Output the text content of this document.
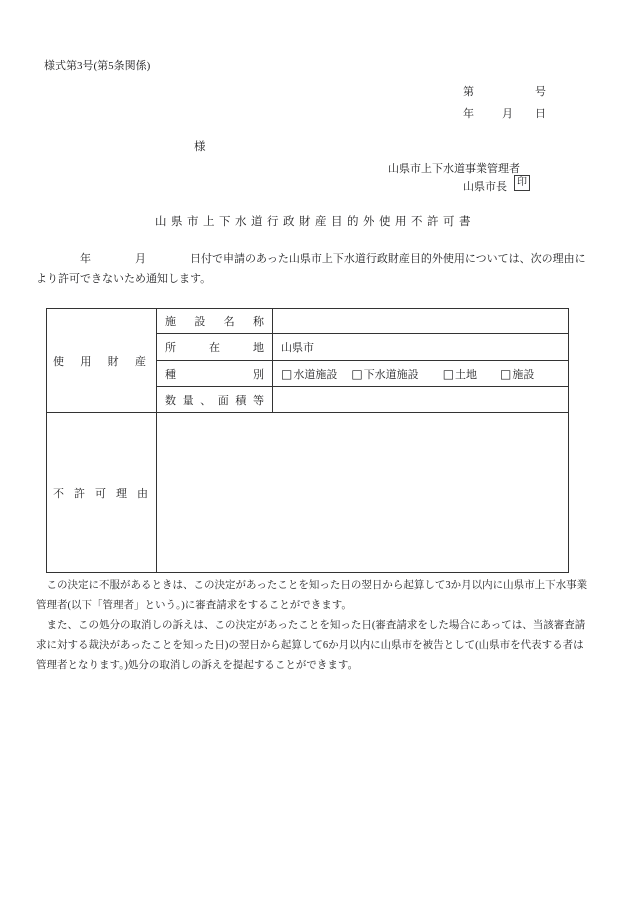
様式第3号(第5条関係)
第	号
年	月 日
様
山県市上下水道事業管理者
山県市長	印
山県市上下水道行政財産目的外使用不許可書
　　　　年　　　　月　　　　日付で申請のあった山県市上下水道行政財産目的外使用については、次の理由に
より許可できないため通知します。
使用財産
施設名称
所在地 山県市
種別 □ 水道施設 □ 下水道施設 □ 土地 □ 施設
数量、面積等
不許可理由
　この決定に不服があるときは、この決定があったことを知った日の翌日から起算して3か月以内に山県市上下水事業
管理者(以下「管理者」という。)に審査請求をすることができます。
　また、この処分の取消しの訴えは、この決定があったことを知った日(審査請求をした場合にあっては、当該審査請
求に対する裁決があったことを知った日)の翌日から起算して6か月以内に山県市を被告として(山県市を代表する者は
管理者となります。)処分の取消しの訴えを提起することができます。
